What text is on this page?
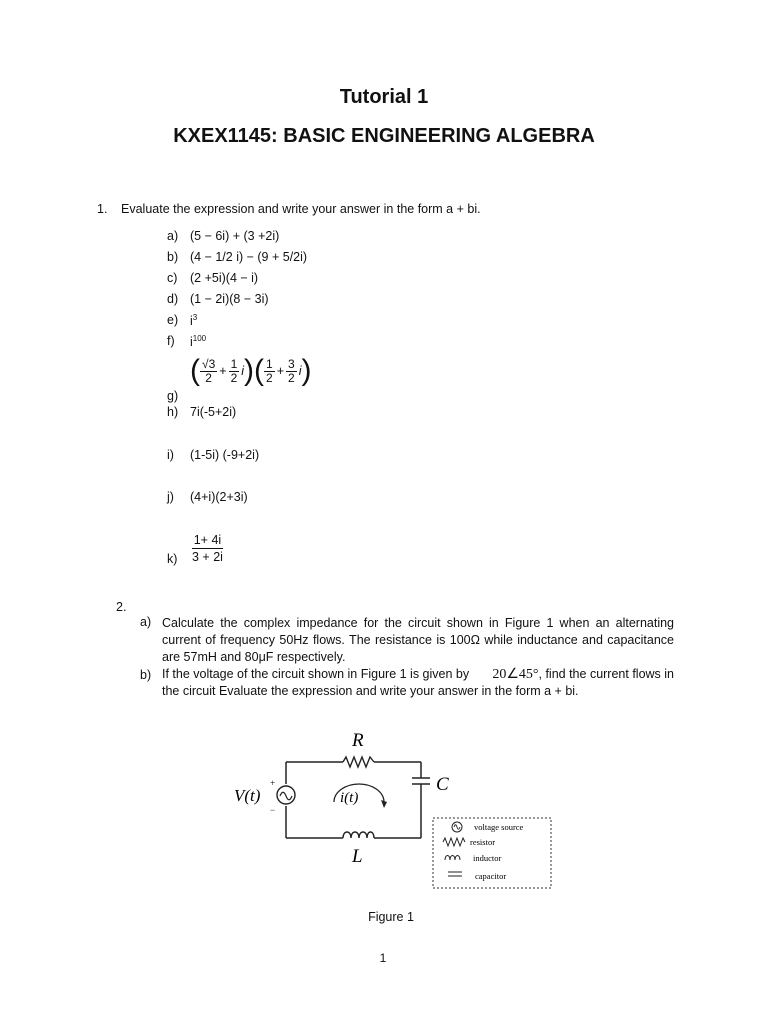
Tutorial 1
KXEX1145: BASIC ENGINEERING ALGEBRA
1. Evaluate the expression and write your answer in the form a + bi.
a) (5 − 6i) + (3 +2i)
b) (4 − 1/2 i) − (9 + 5/2i)
c) (2 +5i)(4 − i)
d) (1 − 2i)(8 − 3i)
e) $i^3$
f) $i^{100}$
g)
( $\frac{√3}{2} + \frac{1}{2}$ i )( $\frac{1}{2} + \frac{3}{2}$ i )
h) 7i(-5+2i)
i) (1-5i) (-9+2i)
j) (4+i)(2+3i)
$k) \frac{1+ 4i}{3 + 2i}$
2.
a) Calculate the complex impedance for the circuit shown in Figure 1 when an alternating
current of frequency 50Hz flows. The resistance is 100Ω while inductance and capacitance
are 57mH and 80μF respectively.
b) If the voltage of the circuit shown in Figure 1 is given by 20∠45°, find the current flows in
the circuit Evaluate the expression and write your answer in the form a + bi.
R
C
L
V(t)	i(t)
+
−
voltage source
resistor
inductor
capacitor
Figure 1
1
